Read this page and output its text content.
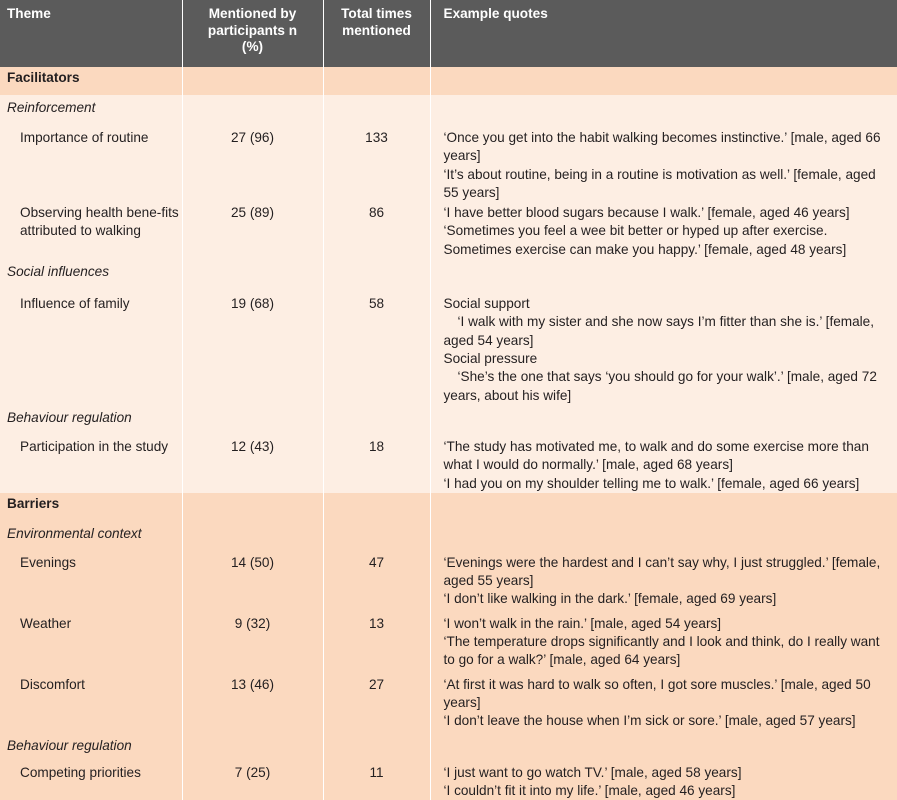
Theme	Mentioned by participants n (%)	Total times mentioned	Example quotes
Facilitators			
Reinforcement			
Importance of routine	27 (96)	133	‘Once you get into the habit walking becomes instinctive.’ [male, aged 66 years]
‘It’s about routine, being in a routine is motivation as well.’ [female, aged 55 years]

Observing health bene-fits attributed to walking	25 (89)	86	‘I have better blood sugars because I walk.’ [female, aged 46 years]
‘Sometimes you feel a wee bit better or hyped up after exercise. Sometimes exercise can make you happy.’ [female, aged 48 years]

Social influences			
Influence of family	19 (68)	58	Social support
‘I walk with my sister and she now says I’m fitter than she is.’ [female, aged 54 years]
Social pressure
‘She’s the one that says ‘you should go for your walk’.’ [male, aged 72 years, about his wife]

Behaviour regulation			
Participation in the study	12 (43)	18	‘The study has motivated me, to walk and do some exercise more than what I would do normally.’ [male, aged 68 years]
‘I had you on my shoulder telling me to walk.’ [female, aged 66 years]

Barriers			
Environmental context			
Evenings	14 (50)	47	‘Evenings were the hardest and I can’t say why, I just struggled.’ [female, aged 55 years]
‘I don’t like walking in the dark.’ [female, aged 69 years]

Weather	9 (32)	13	‘I won’t walk in the rain.’ [male, aged 54 years]
‘The temperature drops significantly and I look and think, do I really want to go for a walk?’ [male, aged 64 years]

Discomfort	13 (46)	27	‘At first it was hard to walk so often, I got sore muscles.’ [male, aged 50 years]
‘I don’t leave the house when I’m sick or sore.’ [male, aged 57 years]

Behaviour regulation			
Competing priorities	7 (25)	11	‘I just want to go watch TV.’ [male, aged 58 years]
‘I couldn’t fit it into my life.’ [male, aged 46 years]
